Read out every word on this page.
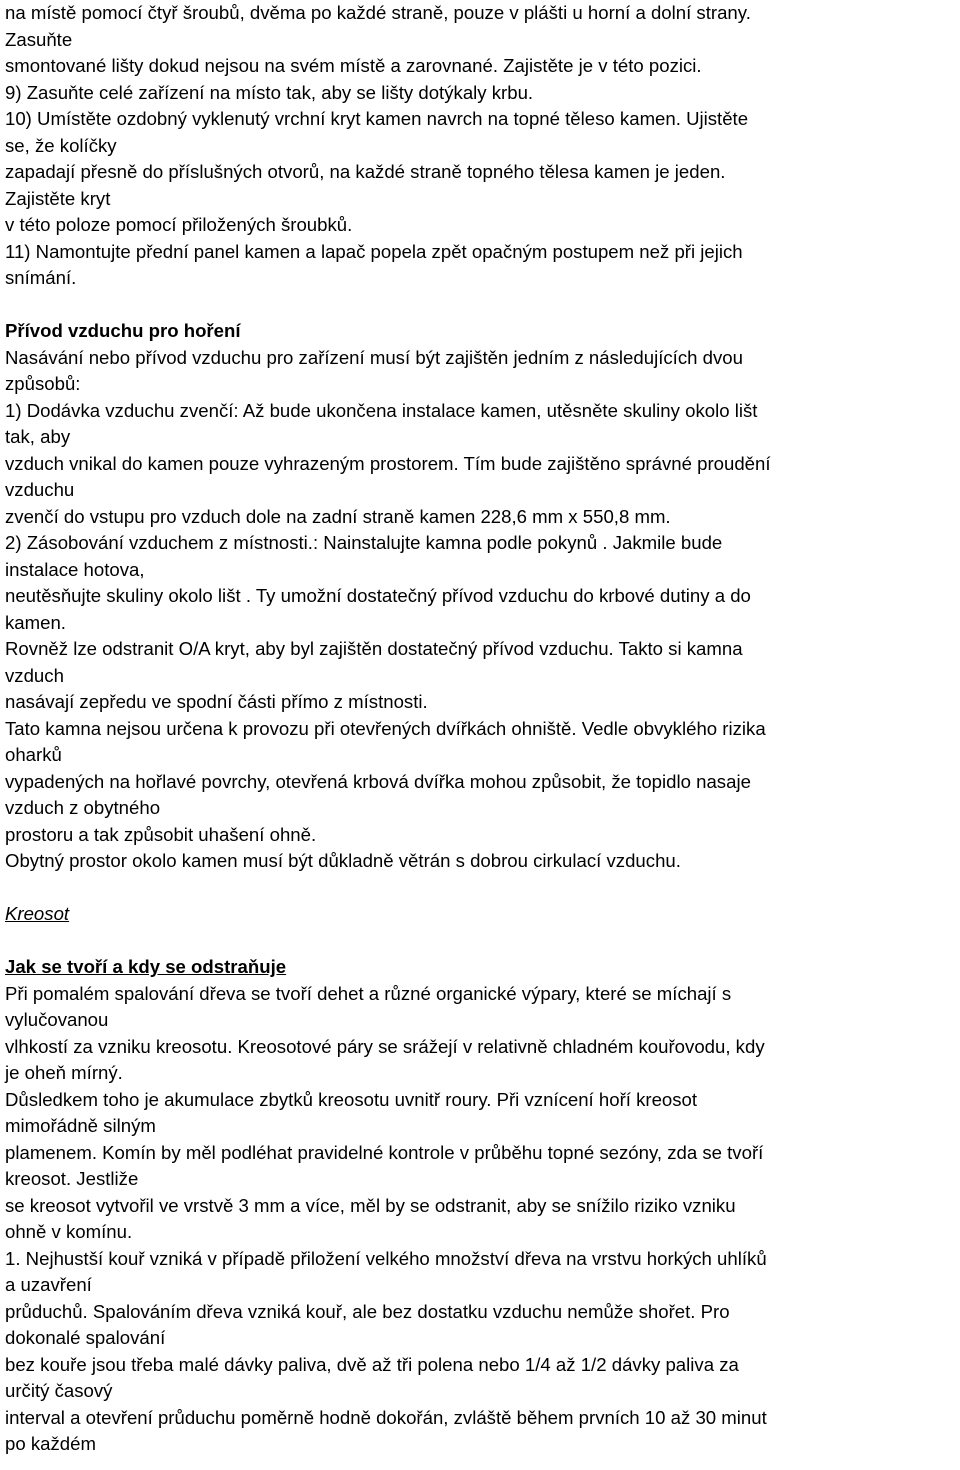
na místě pomocí čtyř šroubů, dvěma po každé straně, pouze v plášti u horní a dolní strany.
Zasuňte
smontované lišty dokud nejsou na svém místě a zarovnané. Zajistěte je v této pozici.
9) Zasuňte celé zařízení na místo tak, aby se lišty dotýkaly krbu.
10) Umístěte ozdobný vyklenutý vrchní kryt kamen navrch na topné těleso kamen. Ujistěte
se, že kolíčky
zapadají přesně do příslušných otvorů, na každé straně topného tělesa kamen je jeden.
Zajistěte kryt
v této poloze pomocí přiložených šroubků.
11) Namontujte přední panel kamen a lapač popela zpět opačným postupem než při jejich
snímání.
Přívod vzduchu pro hoření
Nasávání nebo přívod vzduchu pro zařízení musí být zajištěn jedním z následujících dvou
způsobů:
1) Dodávka vzduchu zvenčí: Až bude ukončena instalace kamen, utěsněte skuliny okolo lišt
tak, aby
vzduch vnikal do kamen pouze vyhrazeným prostorem. Tím bude zajištěno správné proudění
vzduchu
zvenčí do vstupu pro vzduch dole na zadní straně kamen 228,6 mm x 550,8 mm.
2) Zásobování vzduchem z místnosti.: Nainstalujte kamna podle pokynů . Jakmile bude
instalace hotova,
neutěsňujte skuliny okolo lišt . Ty umožní dostatečný přívod vzduchu do krbové dutiny a do
kamen.
Rovněž lze odstranit O/A kryt, aby byl zajištěn dostatečný přívod vzduchu. Takto si kamna
vzduch
nasávají zepředu ve spodní části přímo z místnosti.
Tato kamna nejsou určena k provozu při otevřených dvířkách ohniště. Vedle obvyklého rizika
oharků
vypadených na hořlavé povrchy, otevřená krbová dvířka mohou způsobit, že topidlo nasaje
vzduch z obytného
prostoru a tak způsobit uhašení ohně.
Obytný prostor okolo kamen musí být důkladně větrán s dobrou cirkulací vzduchu.
Kreosot
Jak se tvoří a kdy se odstraňuje
Při pomalém spalování dřeva se tvoří dehet a různé organické výpary, které se míchají s
vylučovanou
vlhkostí za vzniku kreosotu. Kreosotové páry se srážejí v relativně chladném kouřovodu, kdy
je oheň mírný.
Důsledkem toho je akumulace zbytků kreosotu uvnitř roury. Při vznícení hoří kreosot
mimořádně silným
plamenem. Komín by měl podléhat pravidelné kontrole v průběhu topné sezóny, zda se tvoří
kreosot. Jestliže
se kreosot vytvořil ve vrstvě 3 mm a více, měl by se odstranit, aby se snížilo riziko vzniku
ohně v komínu.
1. Nejhustší kouř vzniká v případě přiložení velkého množství dřeva na vrstvu horkých uhlíků
a uzavření
průduchů. Spalováním dřeva vzniká kouř, ale bez dostatku vzduchu nemůže shořet. Pro
dokonalé spalování
bez kouře jsou třeba malé dávky paliva, dvě až tři polena nebo 1/4 až 1/2 dávky paliva za
určitý časový
interval a otevření průduchu poměrně hodně dokořán, zvláště během prvních 10 až 30 minut
po každém
